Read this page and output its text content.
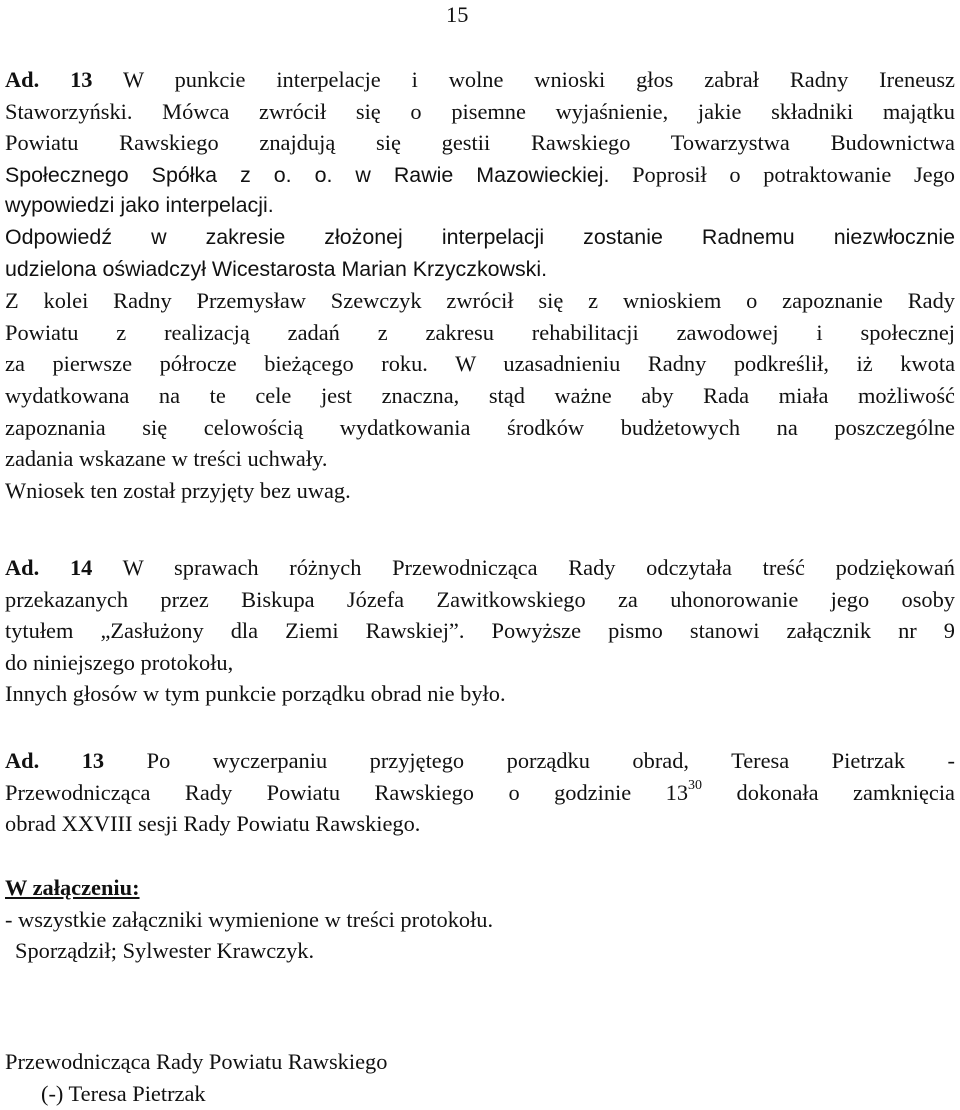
15
Ad. 13 W punkcie interpelacje i wolne wnioski głos zabrał Radny Ireneusz
Staworzyński. Mówca zwrócił się o pisemne wyjaśnienie, jakie składniki majątku
Powiatu Rawskiego znajdują się gestii Rawskiego Towarzystwa Budownictwa
Społecznego Spółka z o. o. w Rawie Mazowieckiej. Poprosił o potraktowanie Jego
wypowiedzi jako interpelacji.
Odpowiedź w zakresie złożonej interpelacji zostanie Radnemu niezwłocznie
udzielona oświadczył Wicestarosta Marian Krzyczkowski.
Z kolei Radny Przemysław Szewczyk zwrócił się z wnioskiem o zapoznanie Rady
Powiatu z realizacją zadań z zakresu rehabilitacji zawodowej i społecznej
za pierwsze półrocze bieżącego roku. W uzasadnieniu Radny podkreślił, iż kwota
wydatkowana na te cele jest znaczna, stąd ważne aby Rada miała możliwość
zapoznania się celowością wydatkowania środków budżetowych na poszczególne
zadania wskazane w treści uchwały.
Wniosek ten został przyjęty bez uwag.
Ad. 14 W sprawach różnych Przewodnicząca Rady odczytała treść podziękowań
przekazanych przez Biskupa Józefa Zawitkowskiego za uhonorowanie jego osoby
tytułem „Zasłużony dla Ziemi Rawskiej”. Powyższe pismo stanowi załącznik nr 9
do niniejszego protokołu,
Innych głosów w tym punkcie porządku obrad nie było.
Ad. 13 Po wyczerpaniu przyjętego porządku obrad, Teresa Pietrzak -
Przewodnicząca Rady Powiatu Rawskiego o godzinie $13^{30}$ dokonała zamknięcia
obrad XXVIII sesji Rady Powiatu Rawskiego.
W załączeniu:
- wszystkie załączniki wymienione w treści protokołu.
Sporządził; Sylwester Krawczyk.
Przewodnicząca Rady Powiatu Rawskiego
(-) Teresa Pietrzak
